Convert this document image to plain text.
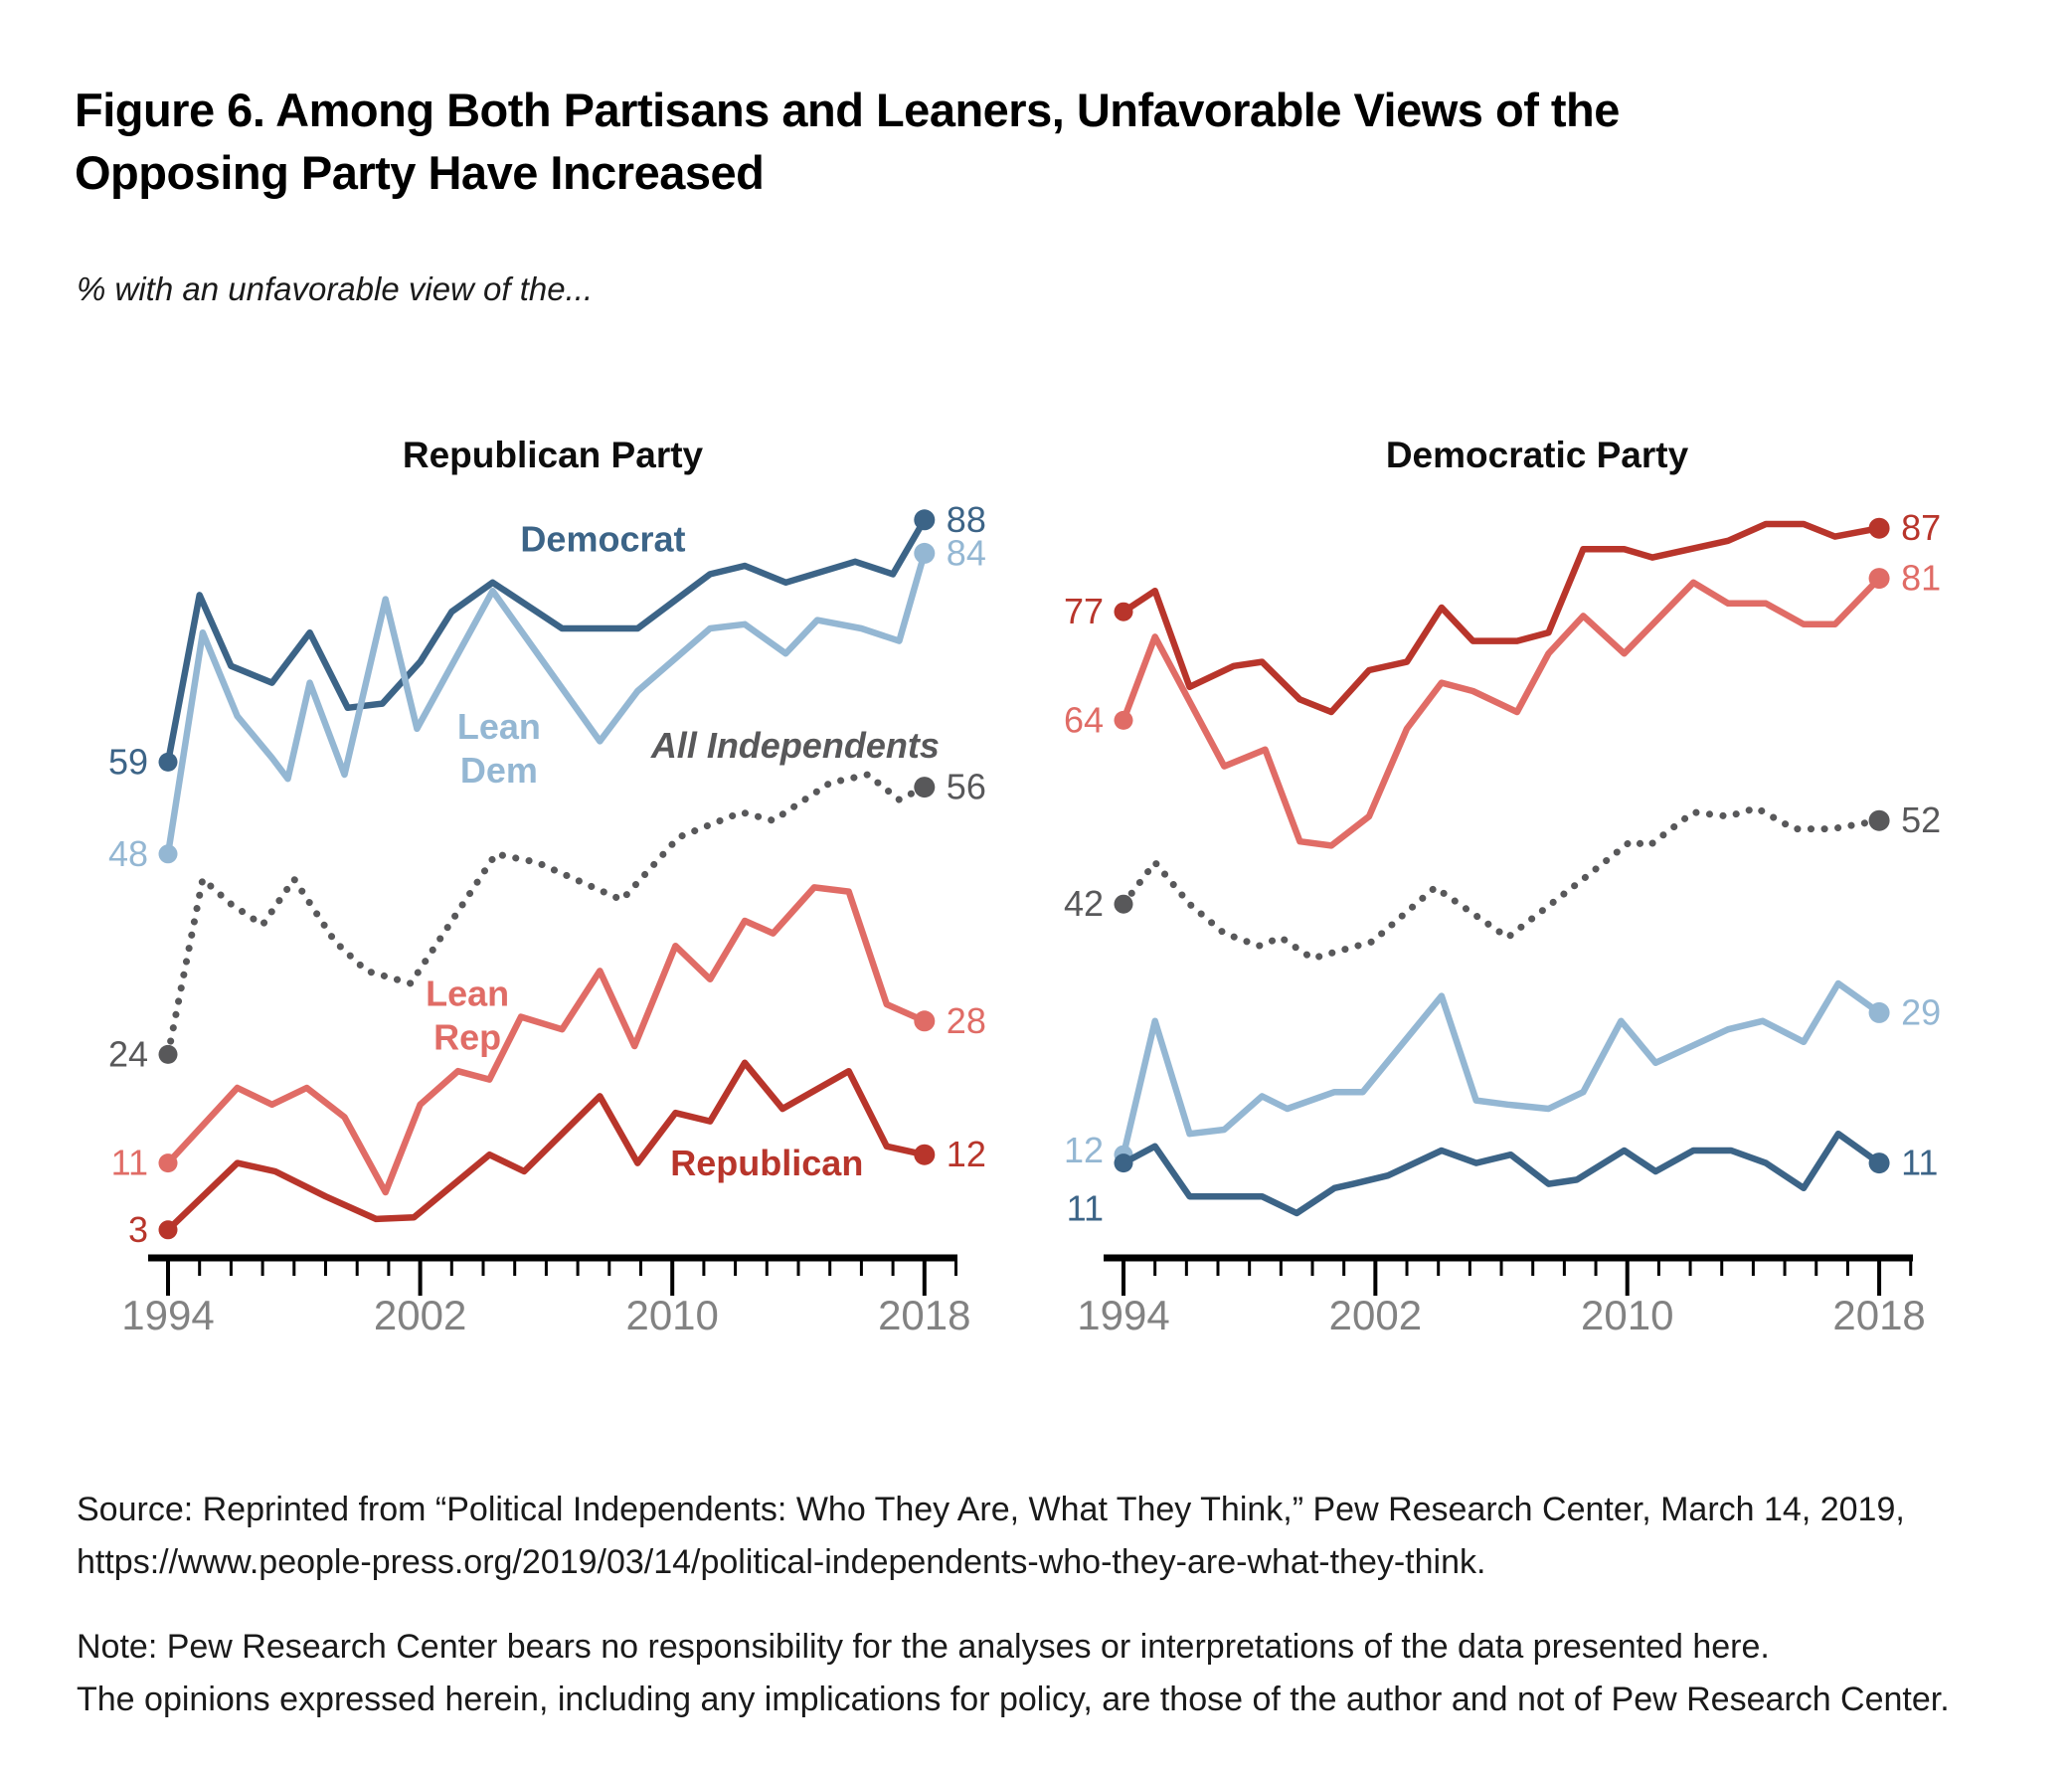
Figure 6. Among Both Partisans and Leaners, Unfavorable Views of the
Opposing Party Have Increased
% with an unfavorable view of the...
Republican Party
1994	2002	2010	2018
59
88
48
84
24
56
11
28
3
12
Democrat
Lean Dem
All Independents
Lean Rep
Republican
Democratic Party
1994	2002	2010	2018
77
87
64
81
42
52
12
29
11
11
Source: Reprinted from “Political Independents: Who They Are, What They Think,” Pew Research Center, March 14, 2019,
https://www.people-press.org/2019/03/14/political-independents-who-they-are-what-they-think.
Note: Pew Research Center bears no responsibility for the analyses or interpretations of the data presented here.
The opinions expressed herein, including any implications for policy, are those of the author and not of Pew Research Center.
